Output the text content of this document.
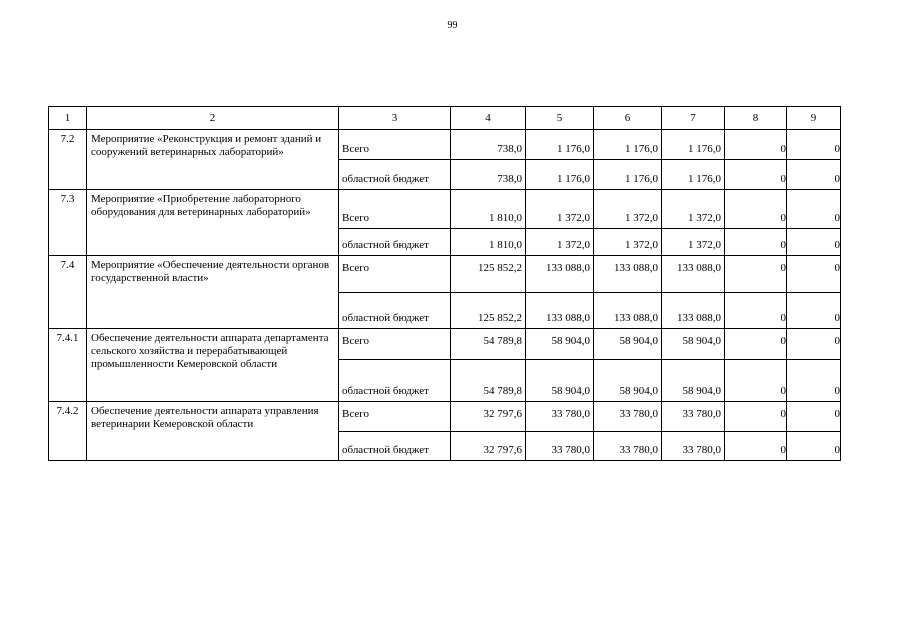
99
1	2	3	4	5	6	7	8	9
7.2	Мероприятие «Реконструкция и ремонт зданий и сооружений ветеринарных лабораторий»	Всего	738,0	1 176,0	1 176,0	1 176,0	0	0
		областной бюджет	738,0	1 176,0	1 176,0	1 176,0	0	0
7.3	Мероприятие «Приобретение лабораторного оборудования для ветеринарных лабораторий»	Всего	1 810,0	1 372,0	1 372,0	1 372,0	0	0
		областной бюджет	1 810,0	1 372,0	1 372,0	1 372,0	0	0
7.4	Мероприятие «Обеспечение деятельности органов государственной власти»	Всего	125 852,2	133 088,0	133 088,0	133 088,0	0	0
		областной бюджет	125 852,2	133 088,0	133 088,0	133 088,0	0	0
7.4.1	Обеспечение деятельности аппарата департамента сельского хозяйства и перерабатывающей промышленности Кемеровской области	Всего	54 789,8	58 904,0	58 904,0	58 904,0	0	0
		областной бюджет	54 789,8	58 904,0	58 904,0	58 904,0	0	0
7.4.2	Обеспечение деятельности аппарата управления ветеринарии Кемеровской области	Всего	32 797,6	33 780,0	33 780,0	33 780,0	0	0
		областной бюджет	32 797,6	33 780,0	33 780,0	33 780,0	0	0
